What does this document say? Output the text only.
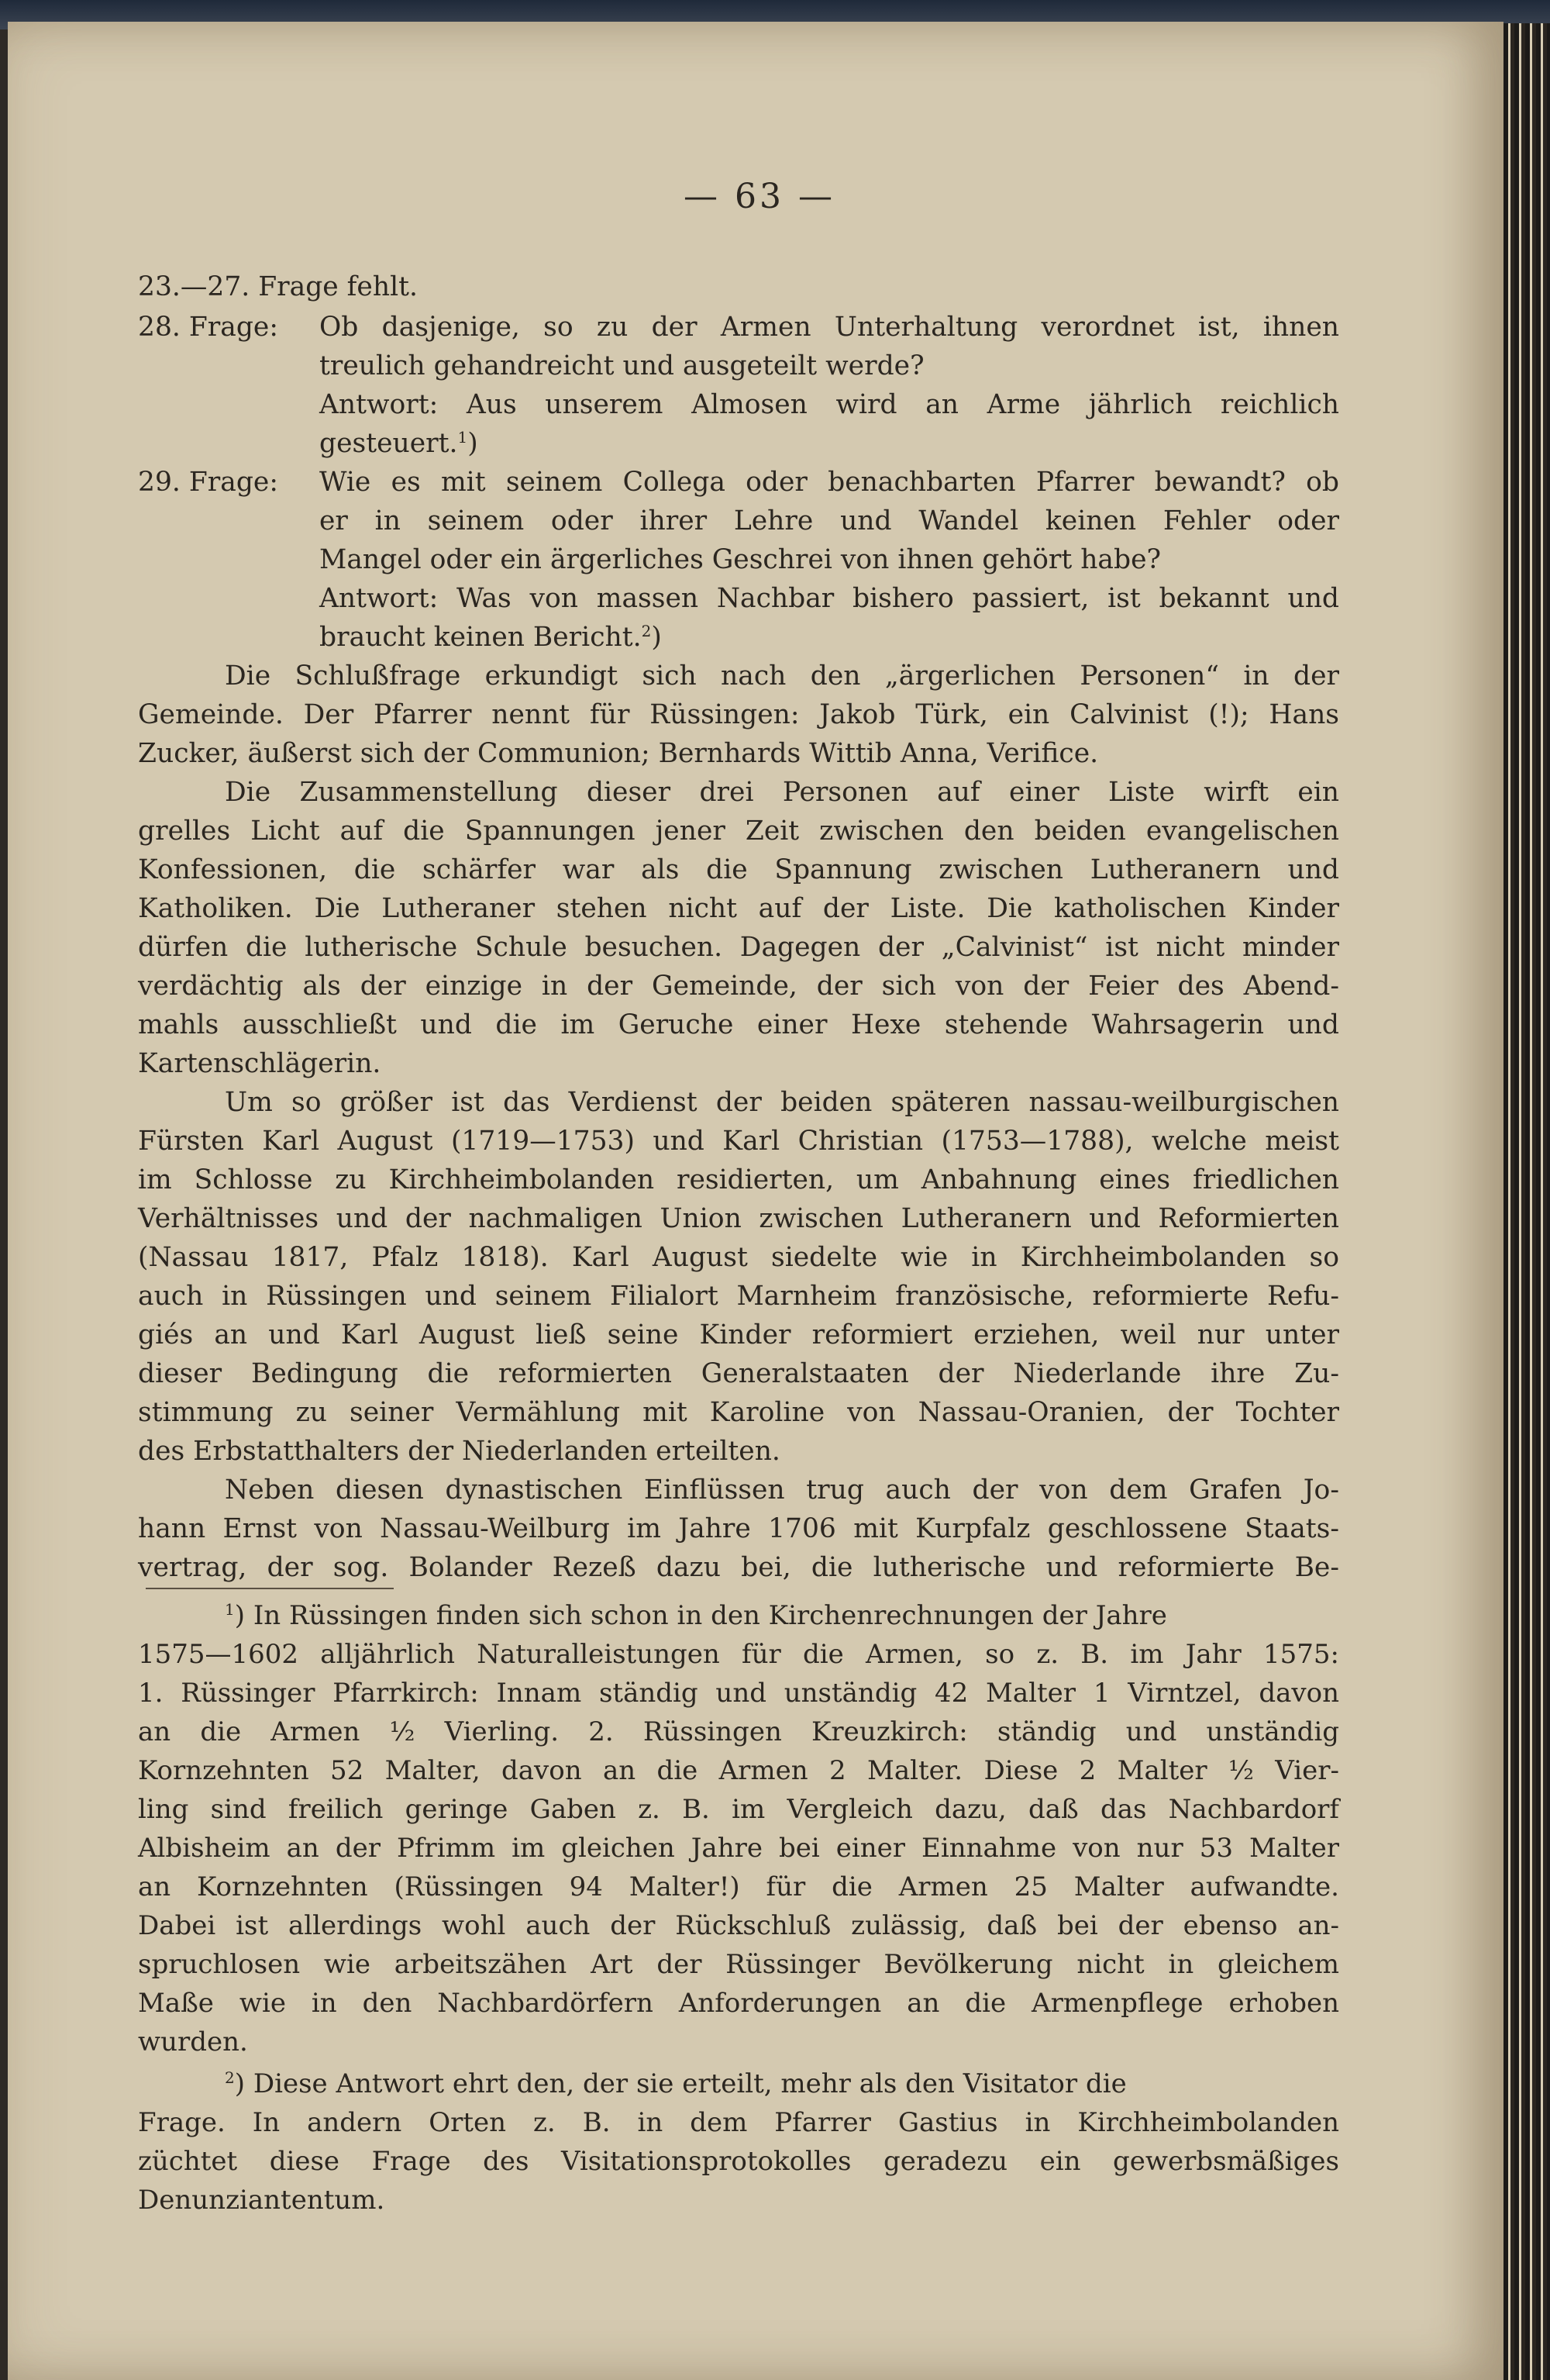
— 63 —
23.—27. Frage fehlt.
28. Frage: Ob dasjenige, so zu der Armen Unterhaltung verordnet ist, ihnen
treulich gehandreicht und ausgeteilt werde?
Antwort: Aus unserem Almosen wird an Arme jährlich reichlich
gesteuert.$^1$)
29. Frage: Wie es mit seinem Collega oder benachbarten Pfarrer bewandt? ob
er in seinem oder ihrer Lehre und Wandel keinen Fehler oder
Mangel oder ein ärgerliches Geschrei von ihnen gehört habe?
Antwort: Was von massen Nachbar bishero passiert, ist bekannt und
braucht keinen Bericht.$^2$)
Die Schlußfrage erkundigt sich nach den „ärgerlichen Personen“ in der
Gemeinde. Der Pfarrer nennt für Rüssingen: Jakob Türk, ein Calvinist (!); Hans
Zucker, äußerst sich der Communion; Bernhards Wittib Anna, Verifice.
Die Zusammenstellung dieser drei Personen auf einer Liste wirft ein
grelles Licht auf die Spannungen jener Zeit zwischen den beiden evangelischen
Konfessionen, die schärfer war als die Spannung zwischen Lutheranern und
Katholiken. Die Lutheraner stehen nicht auf der Liste. Die katholischen Kinder
dürfen die lutherische Schule besuchen. Dagegen der „Calvinist“ ist nicht minder
verdächtig als der einzige in der Gemeinde, der sich von der Feier des Abend-
mahls ausschließt und die im Geruche einer Hexe stehende Wahrsagerin und
Kartenschlägerin.
Um so größer ist das Verdienst der beiden späteren nassau-weilburgischen
Fürsten Karl August (1719—1753) und Karl Christian (1753—1788), welche meist
im Schlosse zu Kirchheimbolanden residierten, um Anbahnung eines friedlichen
Verhältnisses und der nachmaligen Union zwischen Lutheranern und Reformierten
(Nassau 1817, Pfalz 1818). Karl August siedelte wie in Kirchheimbolanden so
auch in Rüssingen und seinem Filialort Marnheim französische, reformierte Refu-
giés an und Karl August ließ seine Kinder reformiert erziehen, weil nur unter
dieser Bedingung die reformierten Generalstaaten der Niederlande ihre Zu-
stimmung zu seiner Vermählung mit Karoline von Nassau-Oranien, der Tochter
des Erbstatthalters der Niederlanden erteilten.
Neben diesen dynastischen Einflüssen trug auch der von dem Grafen Jo-
hann Ernst von Nassau-Weilburg im Jahre 1706 mit Kurpfalz geschlossene Staats-
vertrag, der sog. Bolander Rezeß dazu bei, die lutherische und reformierte Be-
$^1$) In Rüssingen finden sich schon in den Kirchenrechnungen der Jahre
1575—1602 alljährlich Naturalleistungen für die Armen, so z. B. im Jahr 1575:
1. Rüssinger Pfarrkirch: Innam ständig und unständig 42 Malter 1 Virntzel, davon
an die Armen ½ Vierling. 2. Rüssingen Kreuzkirch: ständig und unständig
Kornzehnten 52 Malter, davon an die Armen 2 Malter. Diese 2 Malter ½ Vier-
ling sind freilich geringe Gaben z. B. im Vergleich dazu, daß das Nachbardorf
Albisheim an der Pfrimm im gleichen Jahre bei einer Einnahme von nur 53 Malter
an Kornzehnten (Rüssingen 94 Malter!) für die Armen 25 Malter aufwandte.
Dabei ist allerdings wohl auch der Rückschluß zulässig, daß bei der ebenso an-
spruchlosen wie arbeitszähen Art der Rüssinger Bevölkerung nicht in gleichem
Maße wie in den Nachbardörfern Anforderungen an die Armenpflege erhoben
wurden.
$^2$) Diese Antwort ehrt den, der sie erteilt, mehr als den Visitator die
Frage. In andern Orten z. B. in dem Pfarrer Gastius in Kirchheimbolanden
züchtet diese Frage des Visitationsprotokolles geradezu ein gewerbsmäßiges
Denunziantentum.
